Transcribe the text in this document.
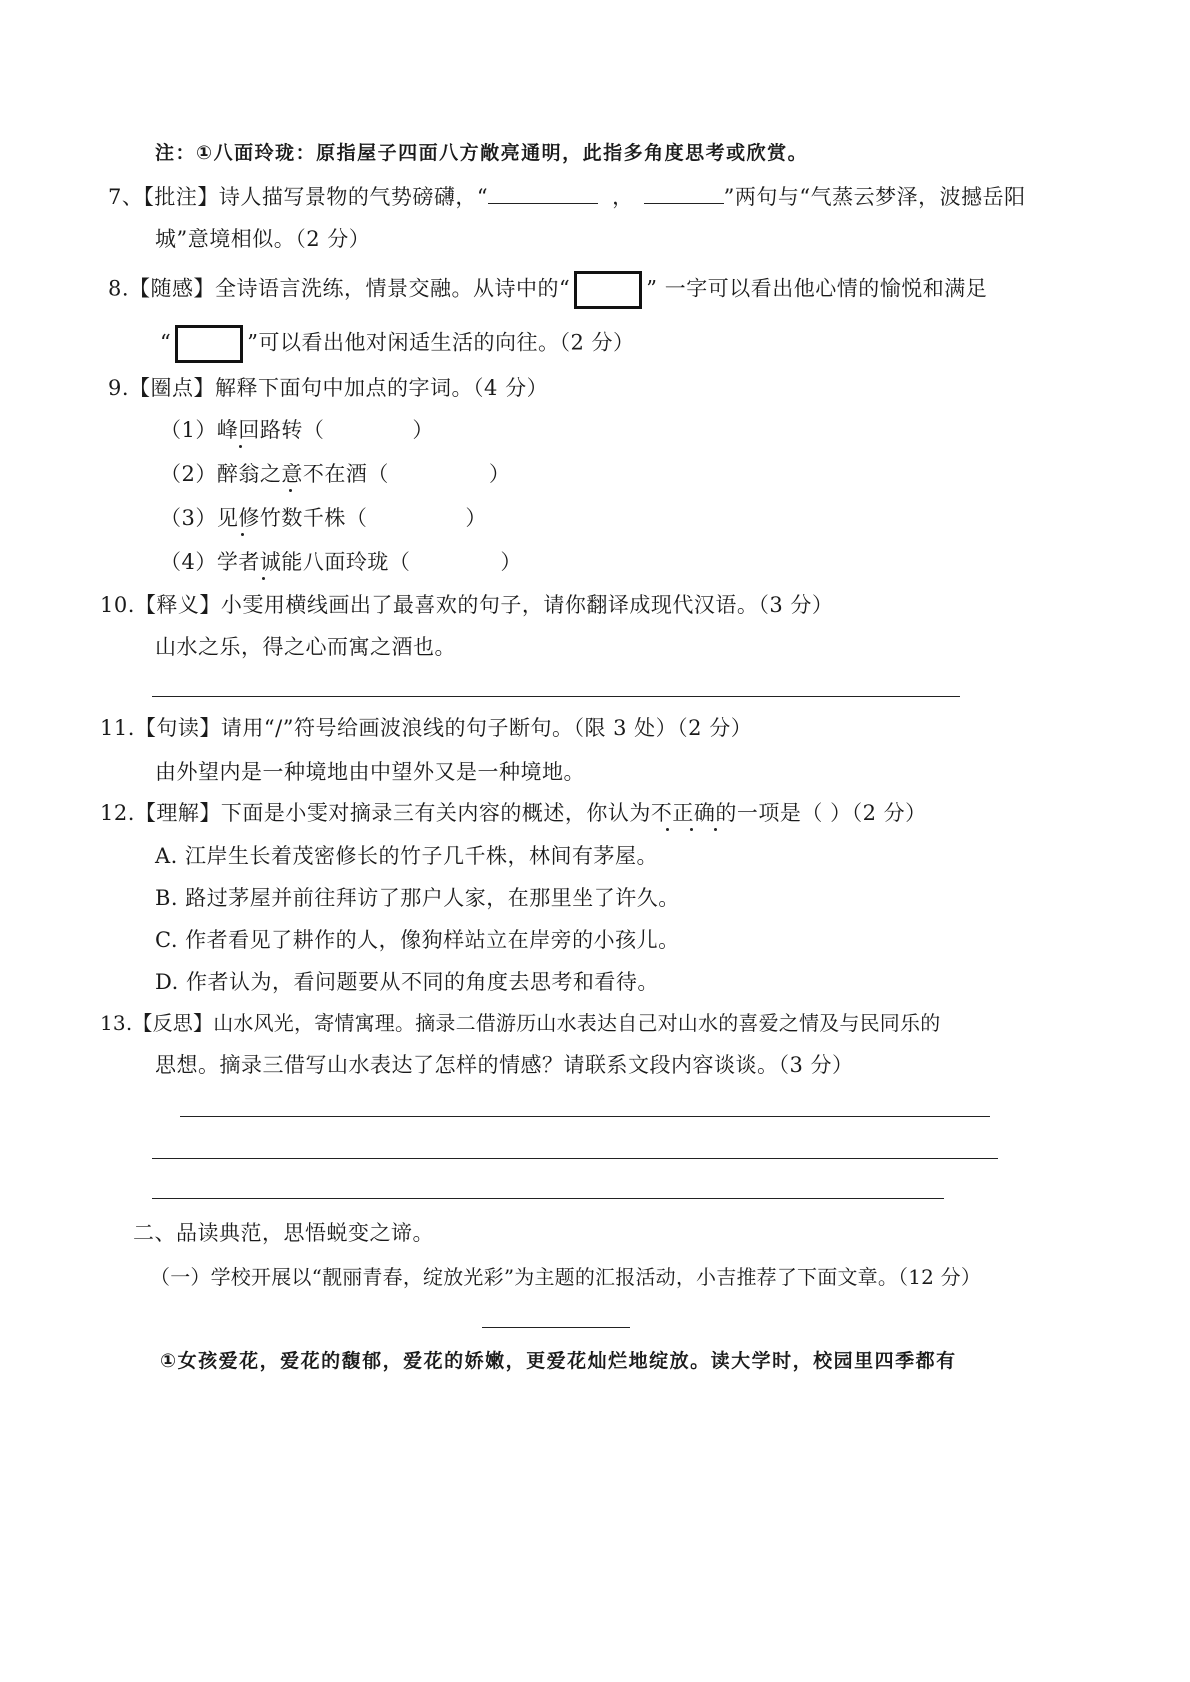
注：①八面玲珑：原指屋子四面八方敞亮通明，此指多角度思考或欣赏。
7、【批注】诗人描写景物的气势磅礴，“	，	”两句与“气蒸云梦泽，波撼岳阳
城”意境相似。（2 分）
8.【随感】全诗语言洗练，情景交融。从诗中的“	” 一字可以看出他心情的愉悦和满足
“	”可以看出他对闲适生活的向往。（2 分）
9.【圈点】解释下面句中加点的字词。（4 分）
（1）峰回路转（	）
（2）醉翁之意不在酒（	）
（3）见修竹数千株（	）
（4）学者诚能八面玲珑（	）
10.【释义】小雯用横线画出了最喜欢的句子，请你翻译成现代汉语。（3 分）
山水之乐，得之心而寓之酒也。
11.【句读】请用“/”符号给画波浪线的句子断句。（限 3 处）（2 分）
由外望内是一种境地由中望外又是一种境地。
12.【理解】下面是小雯对摘录三有关内容的概述，你认为不正确的一项是（ ）（2 分）
A. 江岸生长着茂密修长的竹子几千株，林间有茅屋。
B. 路过茅屋并前往拜访了那户人家，在那里坐了许久。
C. 作者看见了耕作的人，像狗样站立在岸旁的小孩儿。
D. 作者认为，看问题要从不同的角度去思考和看待。
13.【反思】山水风光，寄情寓理。摘录二借游历山水表达自己对山水的喜爱之情及与民同乐的
思想。摘录三借写山水表达了怎样的情感？请联系文段内容谈谈。（3 分）
二、品读典范，思悟蜕变之谛。
（一）学校开展以“靓丽青春，绽放光彩”为主题的汇报活动，小吉推荐了下面文章。（12 分）
①女孩爱花，爱花的馥郁，爱花的娇嫩，更爱花灿烂地绽放。读大学时，校园里四季都有
